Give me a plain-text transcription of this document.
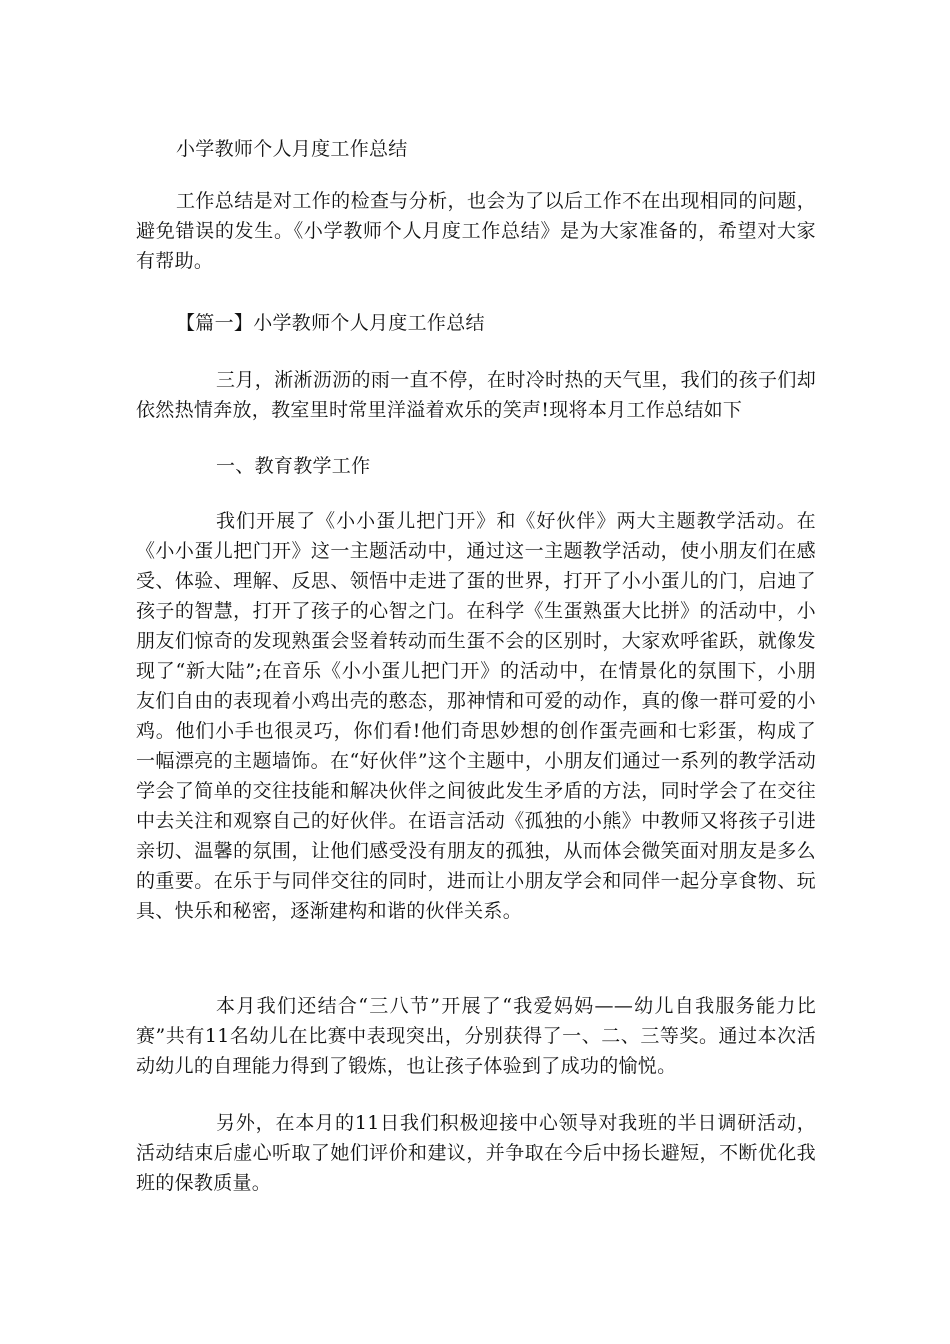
小学教师个人月度工作总结

工作总结是对工作的检查与分析，也会为了以后工作不在出现相同的问题，避免错误的发生。《小学教师个人月度工作总结》是为大家准备的，希望对大家有帮助。

【篇一】小学教师个人月度工作总结

三月，淅淅沥沥的雨一直不停，在时冷时热的天气里，我们的孩子们却依然热情奔放，教室里时常里洋溢着欢乐的笑声!现将本月工作总结如下

一、教育教学工作

我们开展了《小小蛋儿把门开》和《好伙伴》两大主题教学活动。在《小小蛋儿把门开》这一主题活动中，通过这一主题教学活动，使小朋友们在感受、体验、理解、反思、领悟中走进了蛋的世界，打开了小小蛋儿的门，启迪了孩子的智慧，打开了孩子的心智之门。在科学《生蛋熟蛋大比拼》的活动中，小朋友们惊奇的发现熟蛋会竖着转动而生蛋不会的区别时，大家欢呼雀跃，就像发现了“新大陆”;在音乐《小小蛋儿把门开》的活动中，在情景化的氛围下，小朋友们自由的表现着小鸡出壳的憨态，那神情和可爱的动作，真的像一群可爱的小鸡。他们小手也很灵巧，你们看!他们奇思妙想的创作蛋壳画和七彩蛋，构成了一幅漂亮的主题墙饰。在“好伙伴”这个主题中，小朋友们通过一系列的教学活动学会了简单的交往技能和解决伙伴之间彼此发生矛盾的方法，同时学会了在交往中去关注和观察自己的好伙伴。在语言活动《孤独的小熊》中教师又将孩子引进亲切、温馨的氛围，让他们感受没有朋友的孤独，从而体会微笑面对朋友是多么的重要。在乐于与同伴交往的同时，进而让小朋友学会和同伴一起分享食物、玩具、快乐和秘密，逐渐建构和谐的伙伴关系。

本月我们还结合“三八节”开展了“我爱妈妈——幼儿自我服务能力比赛”共有11名幼儿在比赛中表现突出，分别获得了一、二、三等奖。通过本次活动幼儿的自理能力得到了锻炼，也让孩子体验到了成功的愉悦。

另外，在本月的11日我们积极迎接中心领导对我班的半日调研活动，活动结束后虚心听取了她们评价和建议，并争取在今后中扬长避短，不断优化我班的保教质量。
